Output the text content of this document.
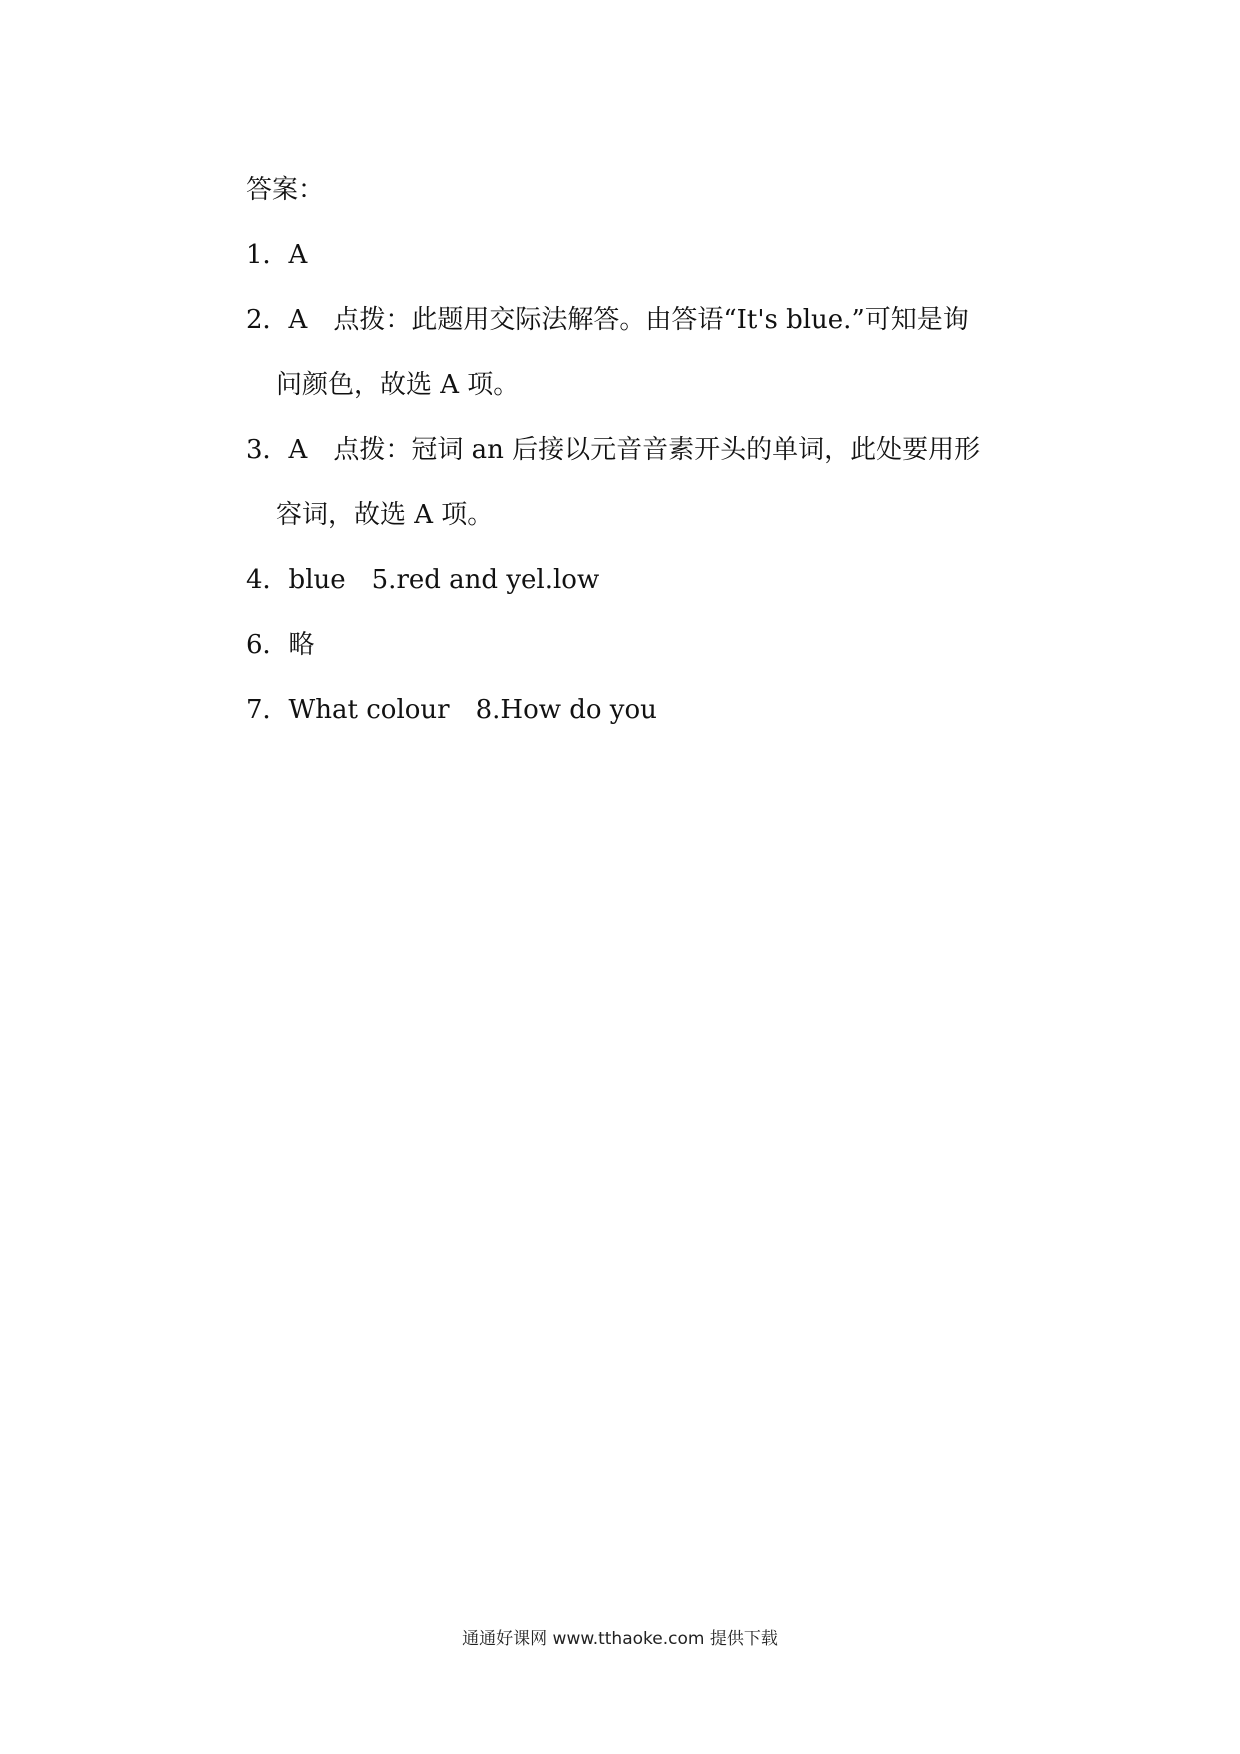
答案：
1．A
2．A 点拨：此题用交际法解答。由答语“It's blue.”可知是询
问颜色，故选 A 项。
3．A 点拨：冠词 an 后接以元音音素开头的单词，此处要用形
容词，故选 A 项。
4．blue 5.red and yel.low
6．略
7．What colour 8.How do you
通通好课网 www.tthaoke.com 提供下载
